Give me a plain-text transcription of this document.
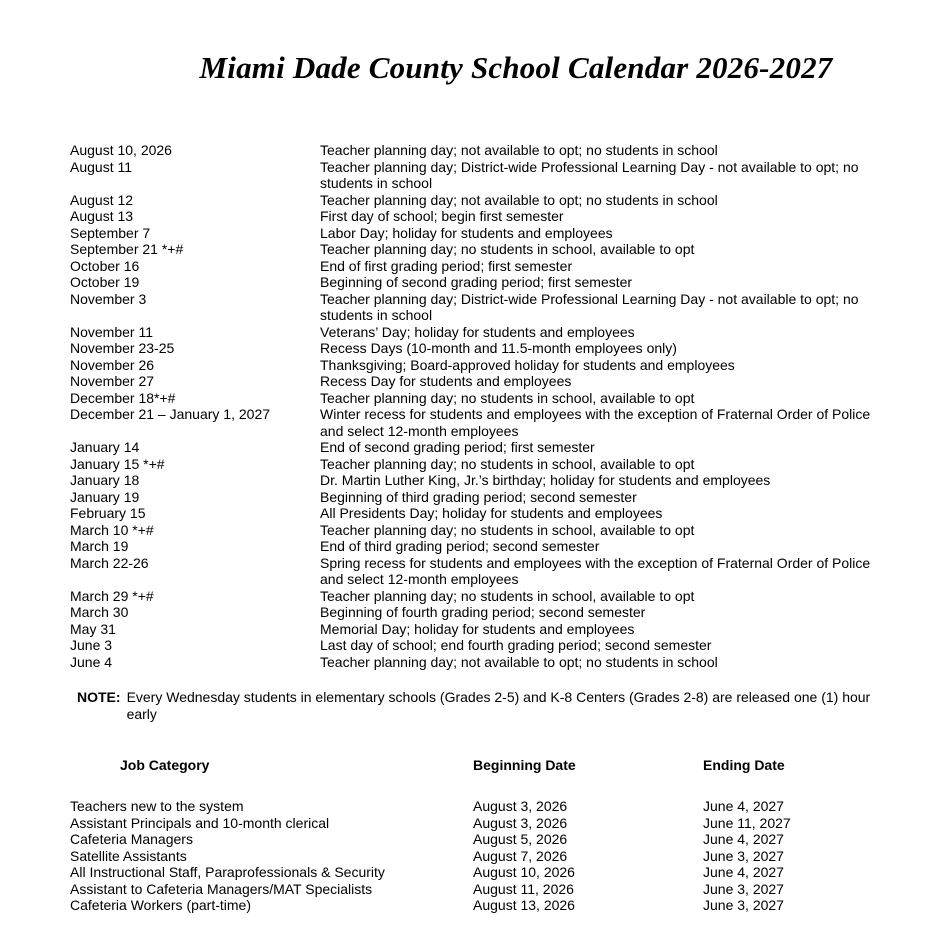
Miami Dade County School Calendar 2026-2027
August 10, 2026	Teacher planning day; not available to opt; no students in school
August 11	Teacher planning day; District-wide Professional Learning Day - not available to opt; no students in school
August 12	Teacher planning day; not available to opt; no students in school
August 13	First day of school; begin first semester
September 7	Labor Day; holiday for students and employees
September 21 *+#	Teacher planning day; no students in school, available to opt
October 16	End of first grading period; first semester
October 19	Beginning of second grading period; first semester
November 3	Teacher planning day; District-wide Professional Learning Day - not available to opt; no students in school
November 11	Veterans’ Day; holiday for students and employees
November 23-25	Recess Days (10-month and 11.5-month employees only)
November 26	Thanksgiving; Board-approved holiday for students and employees
November 27	Recess Day for students and employees
December 18*+#	Teacher planning day; no students in school, available to opt
December 21 – January 1, 2027	Winter recess for students and employees with the exception of Fraternal Order of Police and select 12-month employees
January 14	End of second grading period; first semester
January 15 *+#	Teacher planning day; no students in school, available to opt
January 18	Dr. Martin Luther King, Jr.’s birthday; holiday for students and employees
January 19	Beginning of third grading period; second semester
February 15	All Presidents Day; holiday for students and employees
March 10 *+#	Teacher planning day; no students in school, available to opt
March 19	End of third grading period; second semester
March 22-26	Spring recess for students and employees with the exception of Fraternal Order of Police and select 12-month employees
March 29 *+#	Teacher planning day; no students in school, available to opt
March 30	Beginning of fourth grading period; second semester
May 31	Memorial Day; holiday for students and employees
June 3	Last day of school; end fourth grading period; second semester
June 4	Teacher planning day; not available to opt; no students in school
NOTE: Every Wednesday students in elementary schools (Grades 2-5) and K-8 Centers (Grades 2-8) are released one (1) hour early
Job Category	Beginning Date	Ending Date
Teachers new to the system	August 3, 2026	June 4, 2027
Assistant Principals and 10-month clerical	August 3, 2026	June 11, 2027
Cafeteria Managers	August 5, 2026	June 4, 2027
Satellite Assistants	August 7, 2026	June 3, 2027
All Instructional Staff, Paraprofessionals & Security	August 10, 2026	June 4, 2027
Assistant to Cafeteria Managers/MAT Specialists	August 11, 2026	June 3, 2027
Cafeteria Workers (part-time)	August 13, 2026	June 3, 2027
